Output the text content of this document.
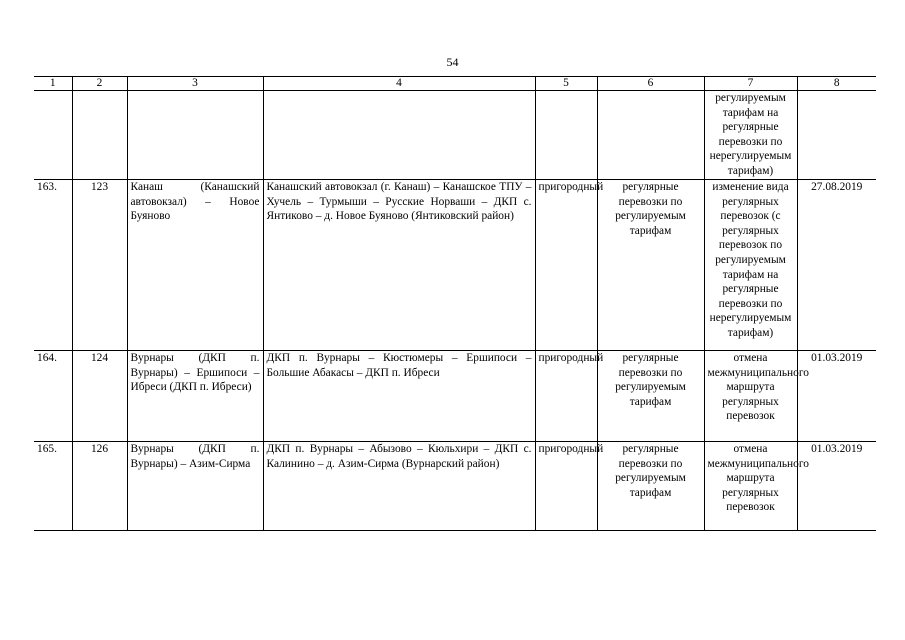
54
1	2	3	4	5	6	7	8
						регулируемым тарифам на регулярные перевозки по нерегулируемым тарифам)	
163.	123	Канаш (Канашский автовокзал) – Новое Буяново	Канашский автовокзал (г. Канаш) – Канашское ТПУ – Хучель – Турмыши – Русские Норваши – ДКП с. Янтиково – д. Новое Буяново (Янтиковский район)	пригородный	регулярные перевозки по регулируемым тарифам	изменение вида регулярных перевозок (с регулярных перевозок по регулируемым тарифам на регулярные перевозки по нерегулируемым тарифам)	27.08.2019
164.	124	Вурнары (ДКП п. Вурнары) – Ершипоси – Ибреси (ДКП п. Ибреси)	ДКП п. Вурнары – Кюстюмеры – Ершипоси – Большие Абакасы – ДКП п. Ибреси	пригородный	регулярные перевозки по регулируемым тарифам	отмена межмуниципального маршрута регулярных перевозок	01.03.2019
165.	126	Вурнары (ДКП п. Вурнары) – Азим-Сирма	ДКП п. Вурнары – Абызово – Кюльхири – ДКП с. Калинино – д. Азим-Сирма (Вурнарский район)	пригородный	регулярные перевозки по регулируемым тарифам	отмена межмуниципального маршрута регулярных перевозок	01.03.2019
